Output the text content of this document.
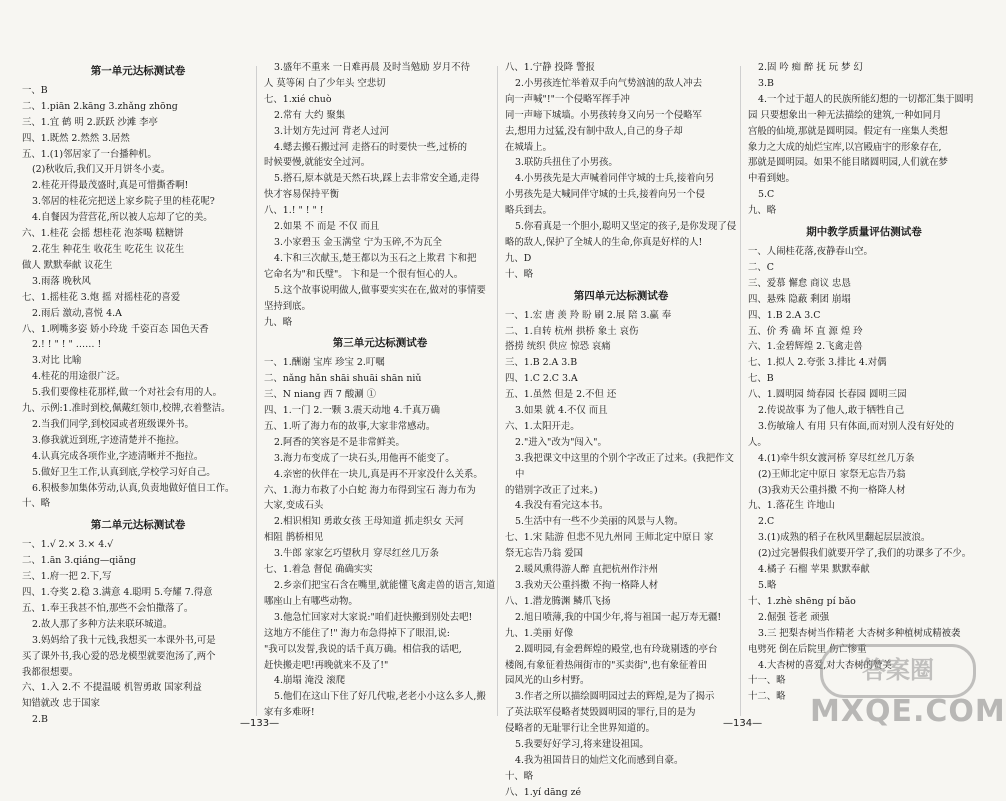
第一单元达标测试卷
一、B
二、1.piān 2.kāng 3.zhǎng zhōng
三、1.宜 鹤 明 2.跃跃 沙滩 李亭
四、1.既然 2.然然 3.居然
五、1.(1)邻居家了一台播种机。
(2)秋收后,我们又开月饼冬小麦。
2.桂花开得最茂盛时,真是可惜撕香啊!
3.邻居的桂花完把送上家乡院子里的桂花呢?
4.自餐因为营营花,所以被人忘却了它的美。
六、1.桂花 会摇 想桂花 泡茶喝 糕糖饼
2.花生 种花生 收花生 吃花生 议花生
做人 默默奉献 议花生
3.雨落 晚秋风
七、1.摇桂花 3.炮 摇 对摇桂花的喜爱
2.雨后 激动,喜悦 4.A
八、1.咧嘴多姿 娇小玲珑 千姿百态 国色天香
2.! ! " ! " …… !
3.对比 比喻
4.桂花的用途很广泛。
5.我们要像桂花那样,做一个对社会有用的人。
九、示例:1.准时到校,佩戴红领巾,校牌,衣着整洁。
2.当我们同学,到校园或者班级课外书。
3.修我就近到班,字迹清楚并不拖拉。
4.认真完成各项作业,字迹清晰并不拖拉。
5.做好卫生工作,认真到底,学校学习好自己。
6.积极参加集体劳动,认真,负责地做好值日工作。
十、略
第二单元达标测试卷
一、1.√ 2.× 3.× 4.√
二、1.ān 3.qiáng—qiǎng
三、1.府一把 2.下,写
四、1.夺奖 2.稳 3.满意 4.聪明 5.夸耀 7.得意
五、1.奉王我甚不怕,那些不会怕撒落了。
2.故人那了多种方法来联环城道。
3.妈妈给了我十元钱,我想买一本课外书,可是
买了课外书,我心爱的恐龙模型就要泡汤了,两个
我都很想要。
六、1.入 2.不 不提温暖 机智勇敢 国家利益
知错就改 忠于国家
2.B
3.盛年不重来 一日难再晨 及时当勉励 岁月不待
人 莫等闲 白了少年头 空悲切
七、1.xié chuò
2.常有 大约 聚集
3.计划方先过河 背老人过河
4.蟋去搬石搬过河 走搭石的时要快一些,过桥的
时候要慢,就能安全过河。
5.搭石,原本就是天然石块,踩上去非常安全通,走得
快才容易保持平衡
八、1.! " ! " !
2.如果 不 而是 不仅 而且
3.小家碧玉 金玉满堂 宁为玉碎,不为瓦全
4.卞和三次献玉,楚王都以为玉石之上欺君 卞和把
它命名为"和氏璧"。 卞和是一个很有恒心的人。
5.这个故事说明做人,做事要实实在在,做对的事情要
坚持到底。
九、略
第三单元达标测试卷
一、1.酬谢 宝库 珍宝 2.叮嘱
二、nǎng hǎn shāi shuāi shān niǔ
三、N niang 西 7 酸涮 ①
四、1.一门 2.一颗 3.震天动地 4.千真万确
五、1.听了海力布的故事,大家非常感动。
2.阿香的笑容是不是非常鲜美。
3.海力布变成了一块石头,用他再不能变了。
4.亲密的伙伴在一块儿,真是再不开家没什么关系。
六、1.海力布救了小白蛇 海力布得到宝石 海力布为
大家,变成石头
2.相识相知 勇敢女孩 王母知道 抓走织女 天河
相阻 鹊桥相见
3.牛郎 家家乞巧望秋月 穿尽红丝几万条
七、1.着急 督促 确确实实
2.乡亲们把宝石含在嘴里,就能懂飞禽走兽的语言,知道
哪座山上有哪些动物。
3.他急忙回家对大家说:"咱们赶快搬到别处去吧!
这地方不能住了!" 海力布急得掉下了眼泪,说:
"我可以发誓,我说的话千真万确。相信我的话吧,
赶快搬走吧!再晚就来不及了!"
4.崩塌 淹没 滚爬
5.他们在这山下住了好几代啦,老老小小这么多人,搬
家有多难呀!
八、1.宁静 投降 警报
2.小男孩连忙举着双手向气势汹汹的敌人冲去
向一声喊"!"一个侵略军挥手冲
同一声啼下城墙。小男孩转身又向另一个侵略军
去,想用力过猛,没有制中敌人,自己的身子却
在城墙上。
3.联防兵扭住了小男孩。
4.小男孩先是大声喊着同伴守城的士兵,接着向另
小男孩先是大喊同伴守城的士兵,接着向另一个侵
略兵到去。
5.你看真是一个胆小,聪明又坚定的孩子,是你发现了侵
略的敌人,保护了全城人的生命,你真是好样的人!
九、D
十、略
第四单元达标测试卷
一、1.宏 唐 羡 羚 盼 刷 2.展 陪 3.赢 奉
二、1.自转 杭州 拱桥 象土 哀伤
搭捞 统织 供应 惊恐 哀痛
三、1.B 2.A 3.B
四、1.C 2.C 3.A
五、1.虽然 但是 2.不但 还
3.如果 就 4.不仅 而且
六、1.太阳开走。
2."进入"改为"闯入"。
3.我把课文中这里的个别个字改正了过来。(我把作文中
的错别字改正了过来。)
4.我没有看完这本书。
5.生活中有一些不少美丽的风景与人物。
七、1.宋 陆游 但悲不见九州同 王师北定中原日 家
祭无忘告乃翁 爱国
2.暖风熏得游人醉 直把杭州作汴州
3.我劝天公重抖擞 不拘一格降人材
八、1.潜龙腾渊 鳞爪飞扬
2.旭日喷薄,我的中国少年,将与祖国一起万寿无疆!
九、1.美丽 好像
2.圆明园,有金碧辉煌的殿堂,也有玲珑剔透的亭台
楼阁,有象征着热闹街市的"买卖街",也有象征着田
园风光的山乡村野。
3.作者之所以描绘圆明园过去的辉煌,是为了揭示
了英法联军侵略者焚毁圆明园的罪行,目的是为
侵略者的无耻罪行让全世界知道的。
5.我要好好学习,将来建设祖国。
4.我为祖国昔日的灿烂文化而感到自豪。
十、略
八、1.yí dāng zé
2.固 吟 痴 醉 抚 玩 梦 幻
3.B
4.一个过于超人的民族所能幻想的一切都汇集于圆明
园 只要想象出一种无法描绘的建筑,一种如同月
宫般的仙境,那就是圆明园。假定有一座集人类想
象力之大成的灿烂宝库,以宫殿庙宇的形象存在,
那就是圆明园。如果不能目睹圆明园,人们就在梦
中看到她。
5.C
九、略
期中教学质量评估测试卷
一、人闹桂花落,夜静春山空。
二、C
三、爱慕 懈怠 商议 忠恳
四、悬殊 隐蔽 剩团 崩塌
四、1.B 2.A 3.C
五、价 秀 确 坏 直 源 煌 玲
六、1.金碧辉煌 2.飞禽走兽
七、1.拟人 2.夸张 3.排比 4.对偶
七、B
八、1.圆明园 绮春园 长春园 圆明三园
2.传说故事 为了他人,敢于牺牲自己
3.伤敏瑜人 有用 只有体面,而对别人没有好处的
人。
4.(1)牵牛织女渡河桥 穿尽红丝几万条
(2)王师北定中原日 家祭无忘告乃翁
(3)我劝天公重抖擞 不拘一格降人材
九、1.落花生 许地山
2.C
3.(1)成熟的稻子在秋风里翻起层层波浪。
(2)过完暑假我们就要开学了,我们的功课多了不少。
4.橘子 石榴 苹果 默默奉献
5.略
十、1.zhè shēng pí bǎo
2.倔强 苍老 顽强
3.三 把梨杏树当作精老 大杏树多种植树成精被袭
电劈死 倒在后院里 伤亡惨重
4.大杏树的喜爱,对大杏树的赞美
十一、略
十二、略
—133—	—134—
答案圈
MXQE.COM
